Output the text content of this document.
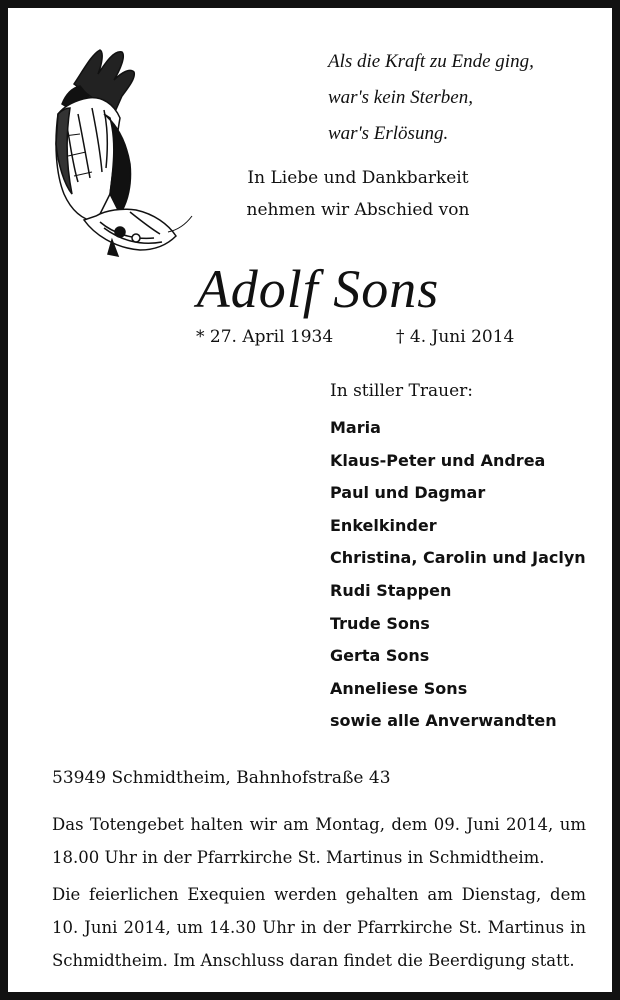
Als die Kraft zu Ende ging,
war's kein Sterben,
war's Erlösung.
In Liebe und Dankbarkeit
nehmen wir Abschied von
Adolf Sons
* 27. April 1934	† 4. Juni 2014
In stiller Trauer:
Maria
Klaus-Peter und Andrea
Paul und Dagmar
Enkelkinder
Christina, Carolin und Jaclyn
Rudi Stappen
Trude Sons
Gerta Sons
Anneliese Sons
sowie alle Anverwandten
53949 Schmidtheim, Bahnhofstraße 43
Das Totengebet halten wir am Montag, dem 09. Juni 2014, um 18.00 Uhr in der Pfarrkirche St. Martinus in Schmidtheim.
Die feierlichen Exequien werden gehalten am Dienstag, dem 10. Juni 2014, um 14.30 Uhr in der Pfarrkirche St. Martinus in Schmidtheim. Im Anschluss daran findet die Beerdigung statt.
